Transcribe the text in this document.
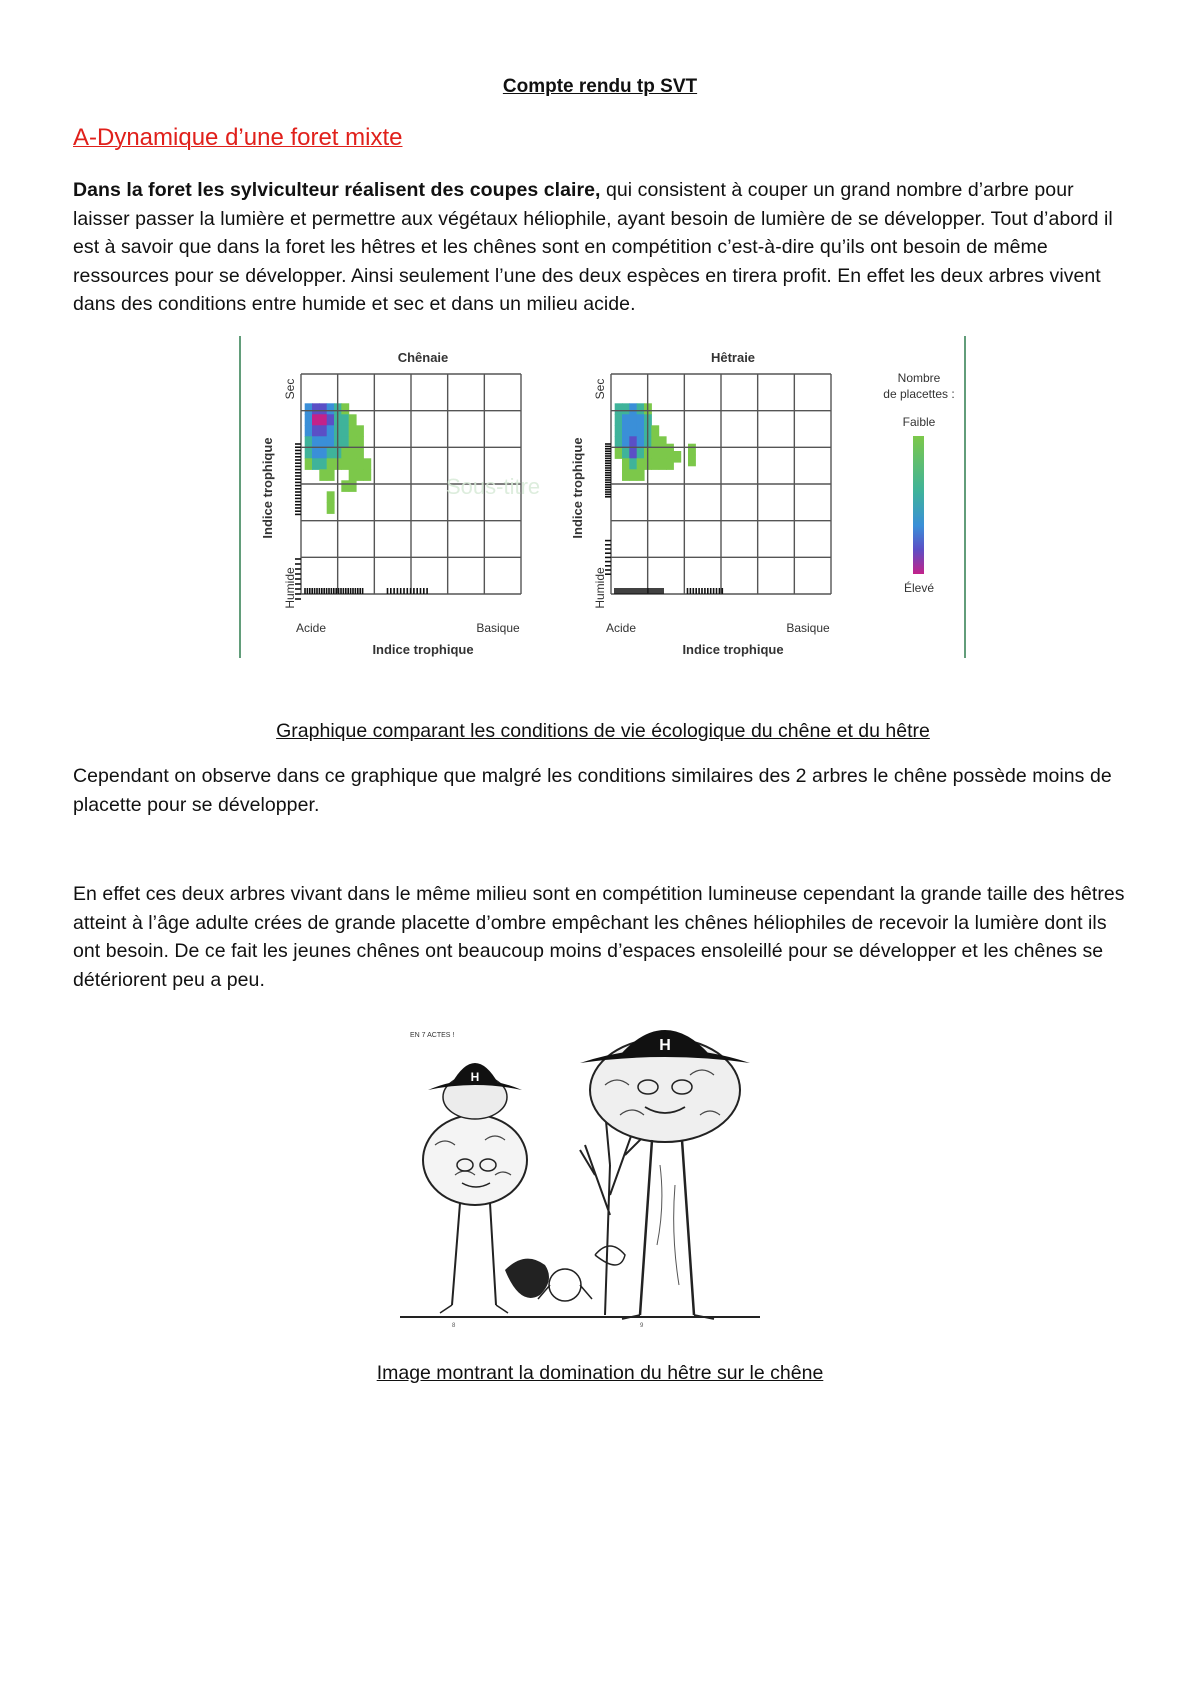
Compte rendu tp SVT
A-Dynamique d’une foret mixte
Dans la foret les sylviculteur réalisent des coupes claire, qui consistent à couper un grand nombre d’arbre pour laisser passer la lumière et permettre aux végétaux héliophile, ayant besoin de lumière de se développer. Tout d’abord il est à savoir que dans la foret les hêtres et les chênes sont en compétition c’est-à-dire qu’ils ont besoin de même ressources pour se développer. Ainsi seulement l’une des deux espèces en tirera profit. En effet les deux arbres vivent dans des conditions entre humide et sec et dans un milieu acide.
Chênaie
Acide	Basique
Indice trophique
Sec
Humide
Indice trophique	Sous-titre
Hêtraie
Acide	Basique
Indice trophique
Sec
Humide
Indice trophique
Nombre
de placettes :
Faible
Élevé
Graphique comparant les conditions de vie écologique du chêne et du hêtre
Cependant on observe dans ce graphique que malgré les conditions similaires des 2 arbres le chêne possède moins de placette pour se développer.
En effet ces deux arbres vivant dans le même milieu sont en compétition lumineuse cependant la grande taille des hêtres atteint à l’âge adulte crées de grande placette d’ombre empêchant les chênes héliophiles de recevoir la lumière dont ils ont besoin. De ce fait les jeunes chênes ont beaucoup moins d’espaces ensoleillé pour se développer et les chênes se détériorent peu a peu.
EN 7 ACTES !
H
H
8	9
Image montrant la domination du hêtre sur le chêne
